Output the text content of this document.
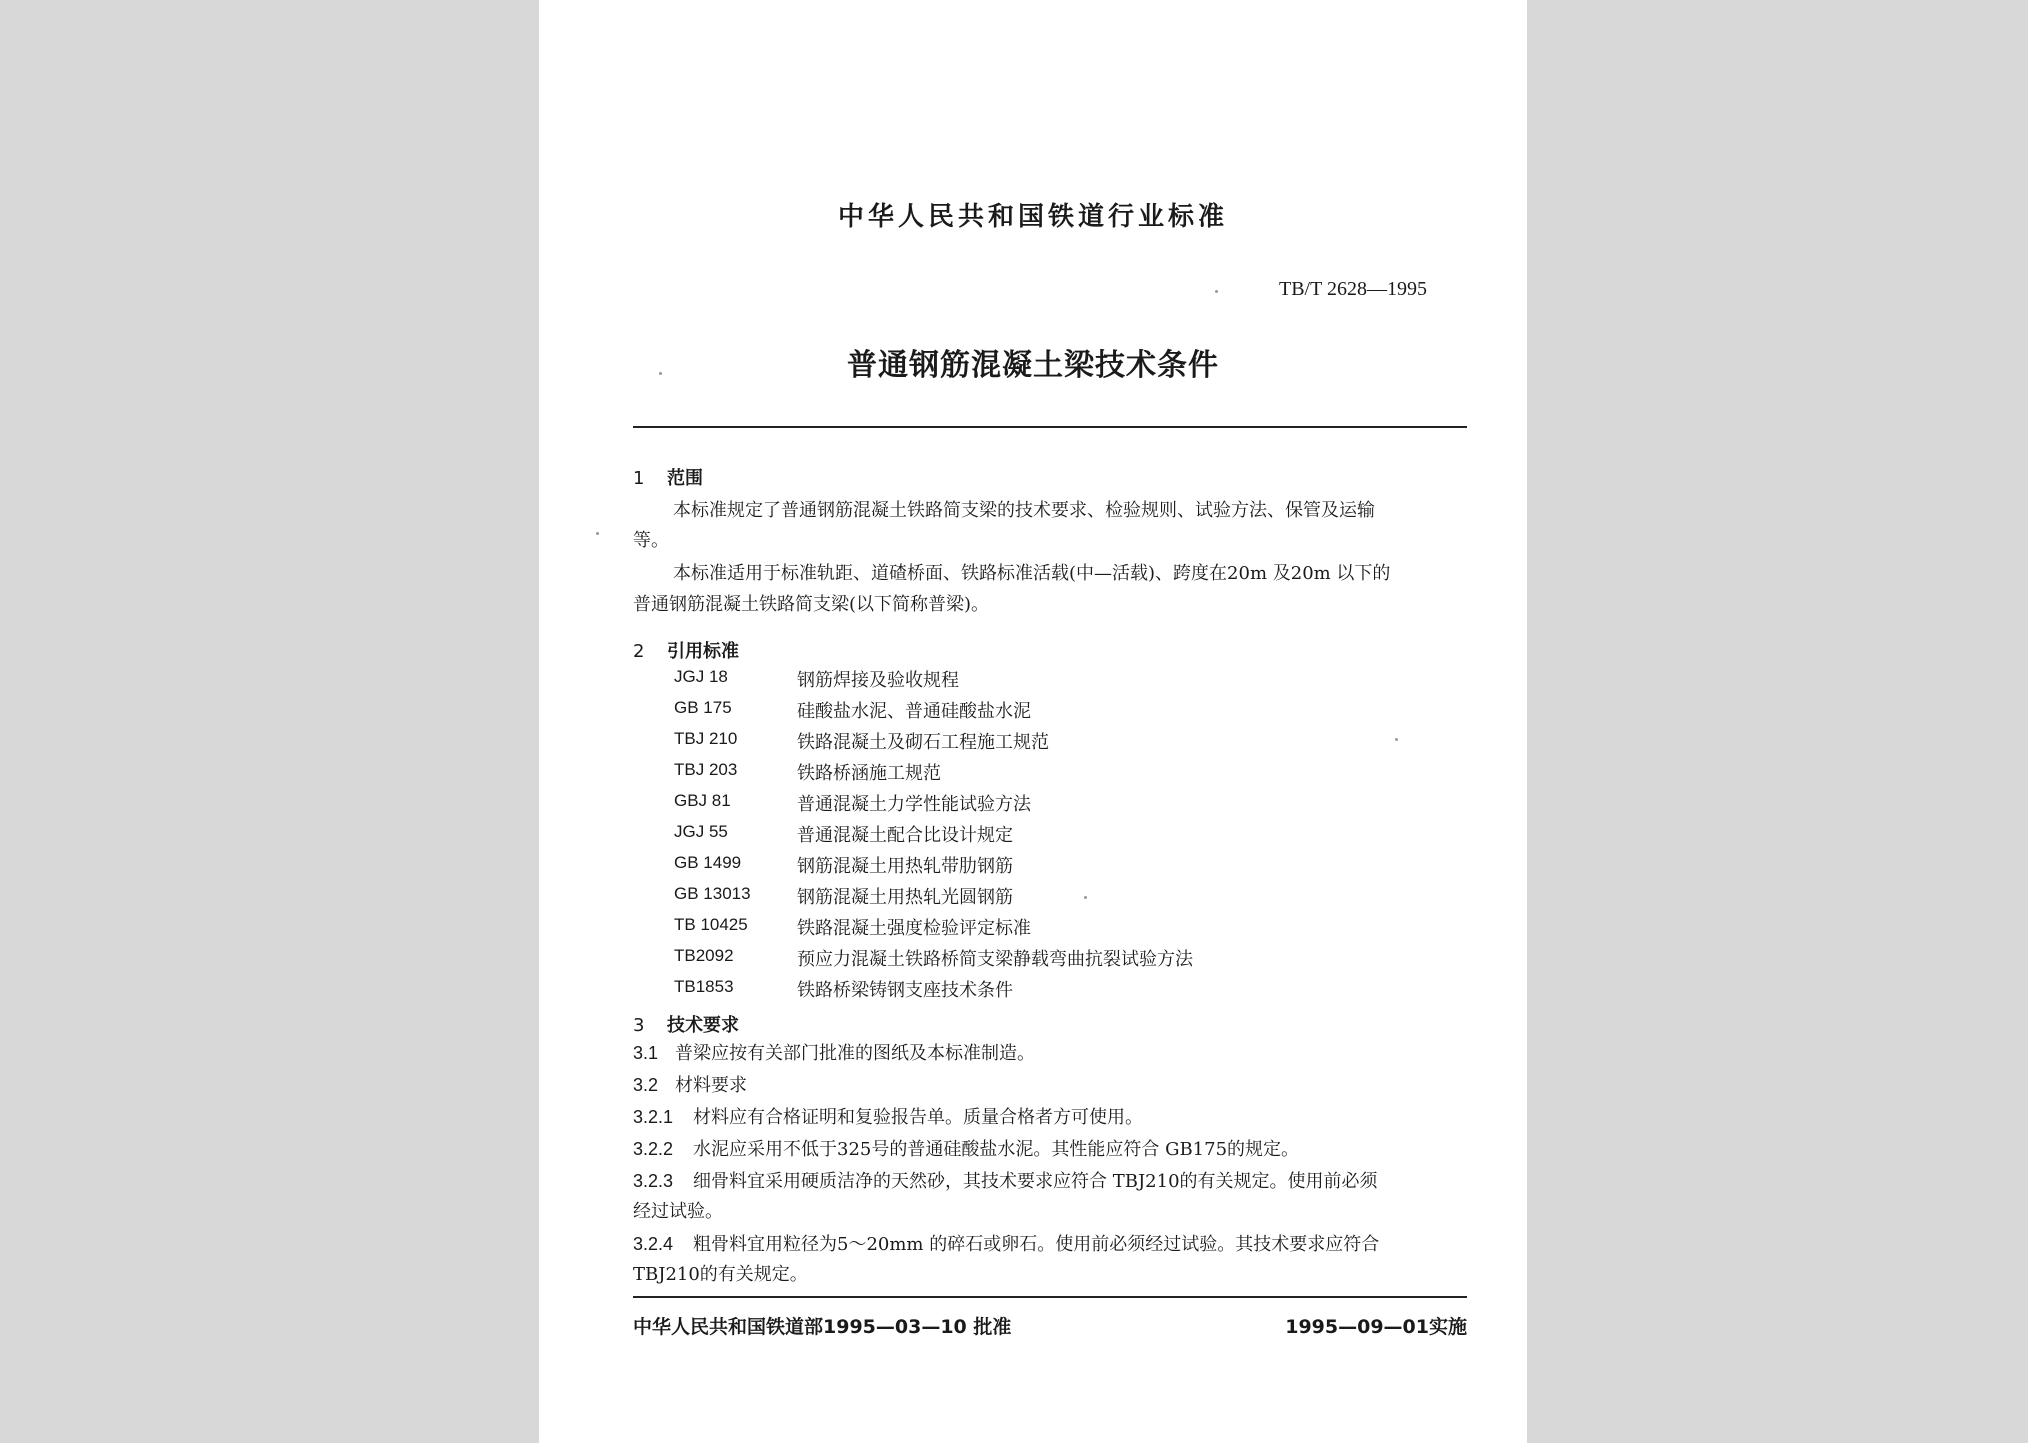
中华人民共和国铁道行业标准
TB/T 2628—1995
普通钢筋混凝土梁技术条件
1 范围
本标准规定了普通钢筋混凝土铁路简支梁的技术要求、检验规则、试验方法、保管及运输
等。
本标准适用于标准轨距、道碴桥面、铁路标准活载(中—活载)、跨度在20m 及20m 以下的
普通钢筋混凝土铁路简支梁(以下简称普梁)。
2 引用标准
JGJ 18	钢筋焊接及验收规程
GB 175	硅酸盐水泥、普通硅酸盐水泥
TBJ 210	铁路混凝土及砌石工程施工规范
TBJ 203	铁路桥涵施工规范
GBJ 81	普通混凝土力学性能试验方法
JGJ 55	普通混凝土配合比设计规定
GB 1499	钢筋混凝土用热轧带肋钢筋
GB 13013	钢筋混凝土用热轧光圆钢筋
TB 10425	铁路混凝土强度检验评定标准
TB2092	预应力混凝土铁路桥简支梁静载弯曲抗裂试验方法
TB1853	铁路桥梁铸钢支座技术条件
3 技术要求
3.1 普梁应按有关部门批准的图纸及本标准制造。
3.2 材料要求
3.2.1 材料应有合格证明和复验报告单。质量合格者方可使用。
3.2.2 水泥应采用不低于325号的普通硅酸盐水泥。其性能应符合 GB175的规定。
3.2.3 细骨料宜采用硬质洁净的天然砂，其技术要求应符合 TBJ210的有关规定。使用前必须
经过试验。
3.2.4 粗骨料宜用粒径为5～20mm 的碎石或卵石。使用前必须经过试验。其技术要求应符合
TBJ210的有关规定。
中华人民共和国铁道部1995—03—10 批准	1995—09—01实施
